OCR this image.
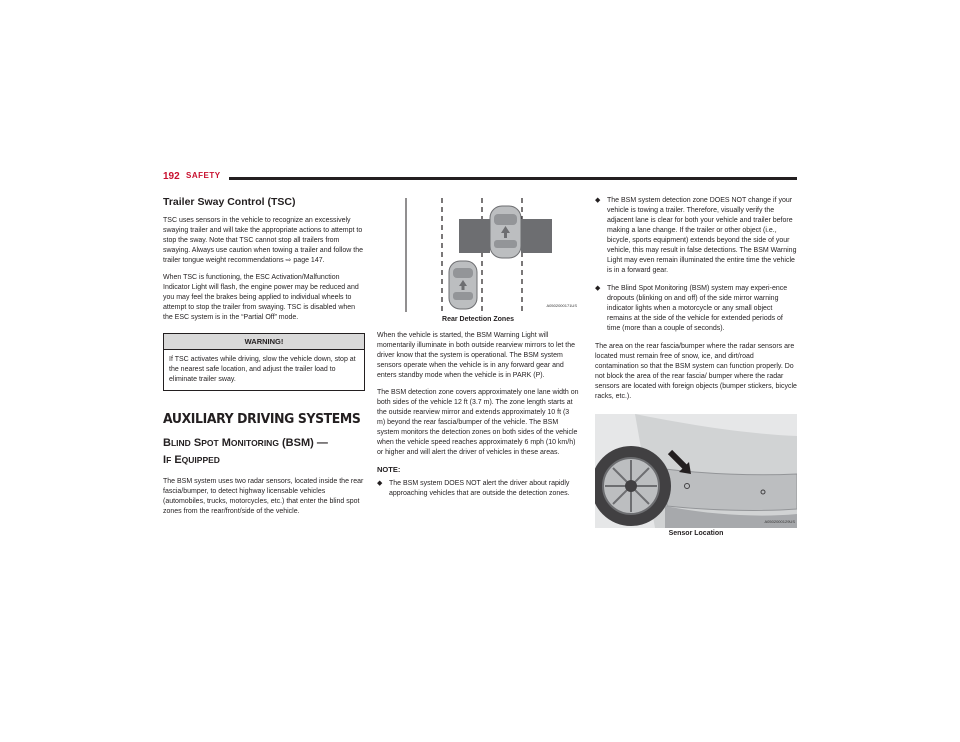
192 SAFETY
Trailer Sway Control (TSC)

TSC uses sensors in the vehicle to recognize an excessively swaying trailer and will take the appropriate actions to attempt to stop the sway. Note that TSC cannot stop all trailers from swaying. Always use caution when towing a trailer and follow the trailer tongue weight recommendations ⇨ page 147.

When TSC is functioning, the ESC Activation/Malfunction Indicator Light will flash, the engine power may be reduced and you may feel the brakes being applied to individual wheels to attempt to stop the trailer from swaying. TSC is disabled when the ESC system is in the “Partial Off” mode.

WARNING!
If TSC activates while driving, slow the vehicle down, stop at the nearest safe location, and adjust the trailer load to eliminate trailer sway.
AUXILIARY DRIVING SYSTEMS
BLIND SPOT MONITORING (BSM) —
IF EQUIPPED

The BSM system uses two radar sensors, located inside the rear fascia/bumper, to detect highway licensable vehicles (automobiles, trucks, motorcycles, etc.) that enter the blind spot zones from the rear/front/side of the vehicle.

A0502000171US
Rear Detection Zones

When the vehicle is started, the BSM Warning Light will momentarily illuminate in both outside rearview mirrors to let the driver know that the system is operational. The BSM system sensors operate when the vehicle is in any forward gear and enters standby mode when the vehicle is in PARK (P).

The BSM detection zone covers approximately one lane width on both sides of the vehicle 12 ft (3.7 m). The zone length starts at the outside rearview mirror and extends approximately 10 ft (3 m) beyond the rear fascia/bumper of the vehicle. The BSM system monitors the detection zones on both sides of the vehicle when the vehicle speed reaches approximately 6 mph (10 km/h) or higher and will alert the driver of vehicles in these areas.

NOTE:
◆ The BSM system DOES NOT alert the driver about rapidly approaching vehicles that are outside the detection zones.
◆ The BSM system detection zone DOES NOT change if your vehicle is towing a trailer. Therefore, visually verify the adjacent lane is clear for both your vehicle and trailer before making a lane change. If the trailer or other object (i.e., bicycle, sports equipment) extends beyond the side of your vehicle, this may result in false detections. The BSM Warning Light may even remain illuminated the entire time the vehicle is in a forward gear.
◆ The Blind Spot Monitoring (BSM) system may experi-ence dropouts (blinking on and off) of the side mirror warning indicator lights when a motorcycle or any small object remains at the side of the vehicle for extended periods of time (more than a couple of seconds).

The area on the rear fascia/bumper where the radar sensors are located must remain free of snow, ice, and dirt/road contamination so that the BSM system can function properly. Do not block the area of the rear fascia/ bumper where the radar sensors are located with foreign objects (bumper stickers, bicycle racks, etc.).

A0502000129US
Sensor Location
